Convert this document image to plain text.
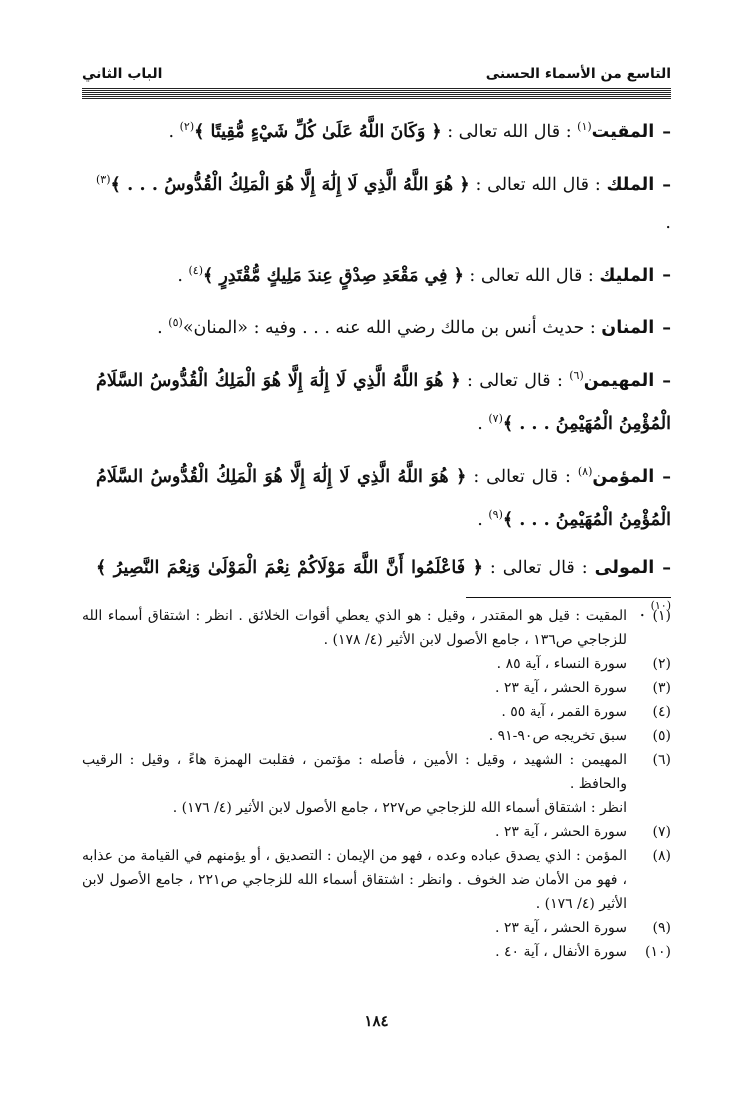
التاسع من الأسماء الحسنى
الباب الثاني

–المقيت$^{(١)}$ : قال الله تعالى : ﴿ وَكَانَ اللَّهُ عَلَىٰ كُلِّ شَيْءٍ مُّقِيتًا ﴾$^{(٢)}$ .

–الملك : قال الله تعالى : ﴿ هُوَ اللَّهُ الَّذِي لَا إِلَٰهَ إِلَّا هُوَ الْمَلِكُ الْقُدُّوسُ . . . ﴾$^{(٣)}$ .

–المليك : قال الله تعالى : ﴿ فِي مَقْعَدِ صِدْقٍ عِندَ مَلِيكٍ مُّقْتَدِرٍ ﴾$^{(٤)}$ .

–المنان : حديث أنس بن مالك رضي الله عنه . . . وفيه : «المنان»$^{(٥)}$ .

–المهيمن$^{(٦)}$ : قال تعالى : ﴿ هُوَ اللَّهُ الَّذِي لَا إِلَٰهَ إِلَّا هُوَ الْمَلِكُ الْقُدُّوسُ السَّلَامُ الْمُؤْمِنُ الْمُهَيْمِنُ . . . ﴾$^{(٧)}$ .

–المؤمن$^{(٨)}$ : قال تعالى : ﴿ هُوَ اللَّهُ الَّذِي لَا إِلَٰهَ إِلَّا هُوَ الْمَلِكُ الْقُدُّوسُ السَّلَامُ الْمُؤْمِنُ الْمُهَيْمِنُ . . . ﴾$^{(٩)}$ .

–المولى : قال تعالى : ﴿ فَاعْلَمُوا أَنَّ اللَّهَ مَوْلَاكُمْ نِعْمَ الْمَوْلَىٰ وَنِعْمَ النَّصِيرُ ﴾$^{(١٠)}$ . (١)
المقيت : قيل هو المقتدر ، وقيل : هو الذي يعطي أقوات الخلائق . انظر : اشتقاق أسماء الله للزجاجي ص١٣٦ ، جامع الأصول لابن الأثير (٤/ ١٧٨) .
(٢)
سورة النساء ، آية ٨٥ .
(٣)
سورة الحشر ، آية ٢٣ .
(٤)
سورة القمر ، آية ٥٥ .
(٥)
سبق تخريجه ص٩٠-٩١ .
(٦)
المهيمن : الشهيد ، وقيل : الأمين ، فأصله : مؤتمن ، فقلبت الهمزة هاءً ، وقيل : الرقيب والحافظ .
انظر : اشتقاق أسماء الله للزجاجي ص٢٢٧ ، جامع الأصول لابن الأثير (٤/ ١٧٦) .
(٧)
سورة الحشر ، آية ٢٣ .
(٨)
المؤمن : الذي يصدق عباده وعده ، فهو من الإيمان : التصديق ، أو يؤمنهم في القيامة من عذابه ، فهو من الأمان ضد الخوف . وانظر : اشتقاق أسماء الله للزجاجي ص٢٢١ ، جامع الأصول لابن الأثير (٤/ ١٧٦) .
(٩)
سورة الحشر ، آية ٢٣ .
(١٠)
سورة الأنفال ، آية ٤٠ .
١٨٤
